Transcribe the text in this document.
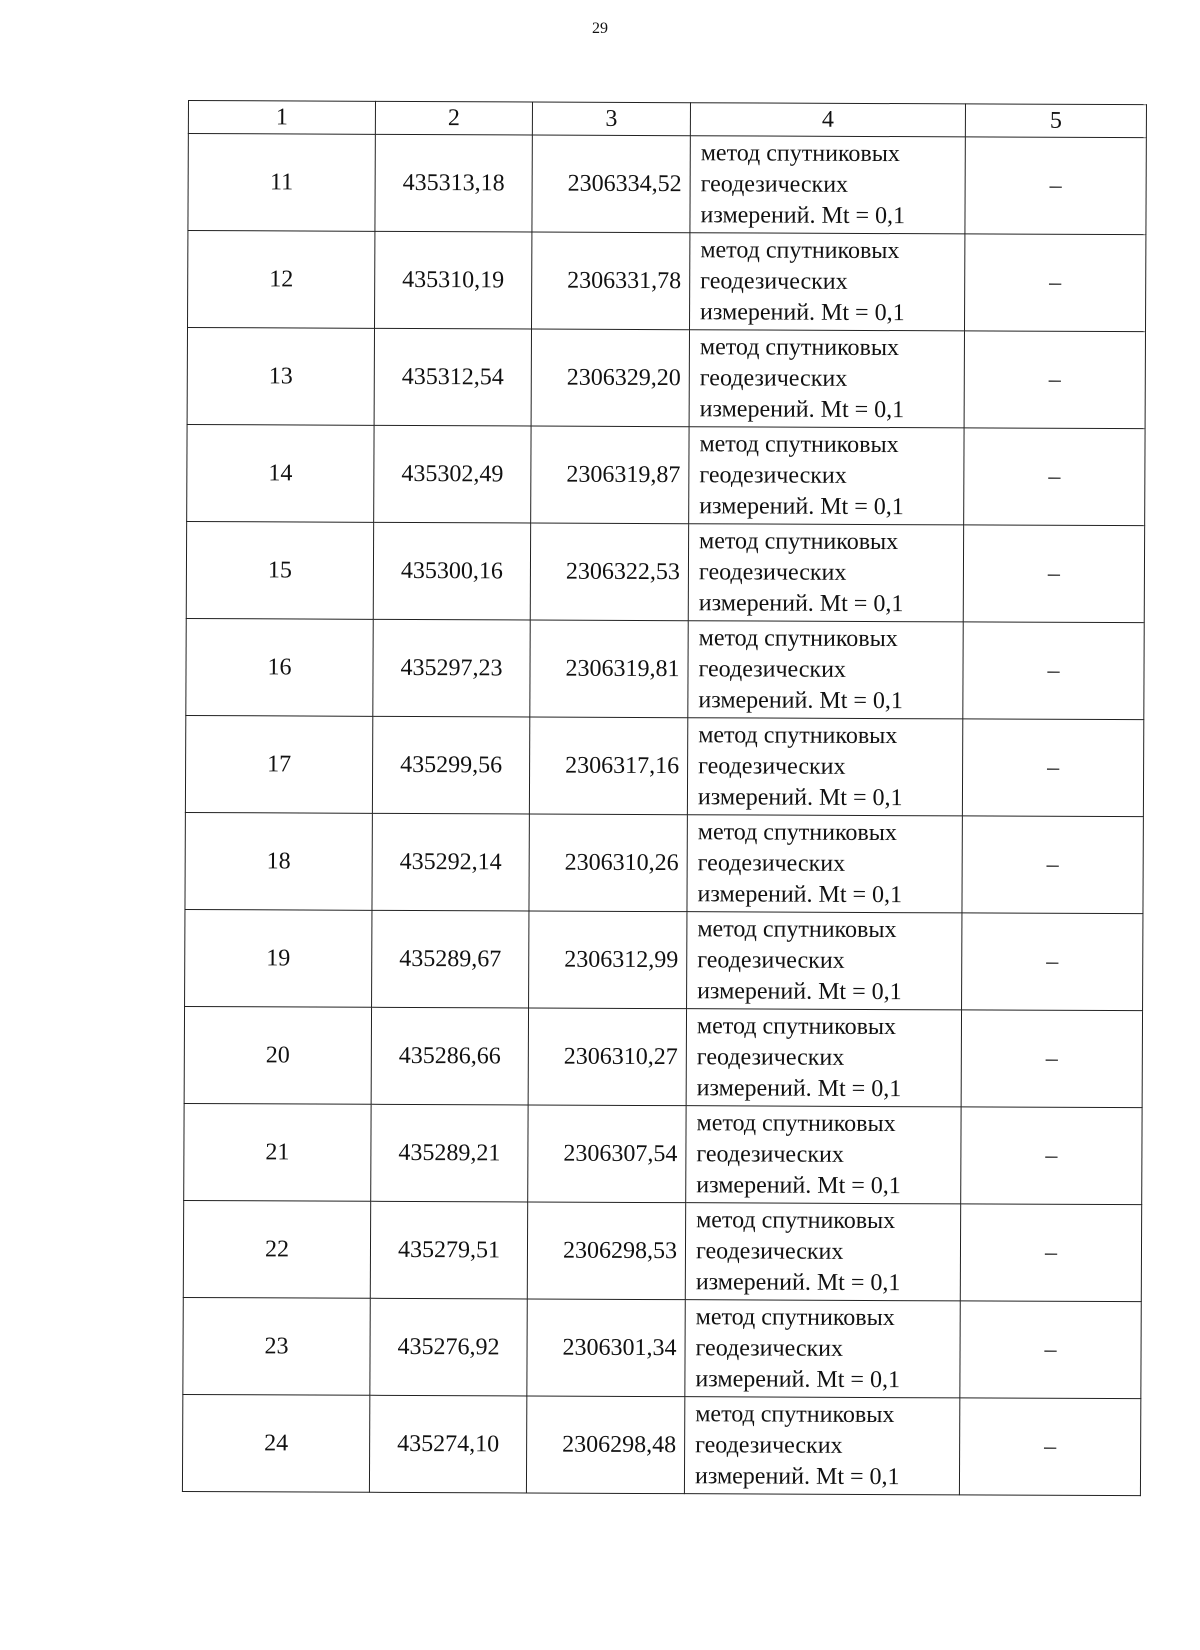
29
1	2	3	4	5
11	435313,18	2306334,52	метод спутниковых
геодезических
измерений. Mt = 0,1	–
12	435310,19	2306331,78	метод спутниковых
геодезических
измерений. Mt = 0,1	–
13	435312,54	2306329,20	метод спутниковых
геодезических
измерений. Mt = 0,1	–
14	435302,49	2306319,87	метод спутниковых
геодезических
измерений. Mt = 0,1	–
15	435300,16	2306322,53	метод спутниковых
геодезических
измерений. Mt = 0,1	–
16	435297,23	2306319,81	метод спутниковых
геодезических
измерений. Mt = 0,1	–
17	435299,56	2306317,16	метод спутниковых
геодезических
измерений. Mt = 0,1	–
18	435292,14	2306310,26	метод спутниковых
геодезических
измерений. Mt = 0,1	–
19	435289,67	2306312,99	метод спутниковых
геодезических
измерений. Mt = 0,1	–
20	435286,66	2306310,27	метод спутниковых
геодезических
измерений. Mt = 0,1	–
21	435289,21	2306307,54	метод спутниковых
геодезических
измерений. Mt = 0,1	–
22	435279,51	2306298,53	метод спутниковых
геодезических
измерений. Mt = 0,1	–
23	435276,92	2306301,34	метод спутниковых
геодезических
измерений. Mt = 0,1	–
24	435274,10	2306298,48	метод спутниковых
геодезических
измерений. Mt = 0,1	–
